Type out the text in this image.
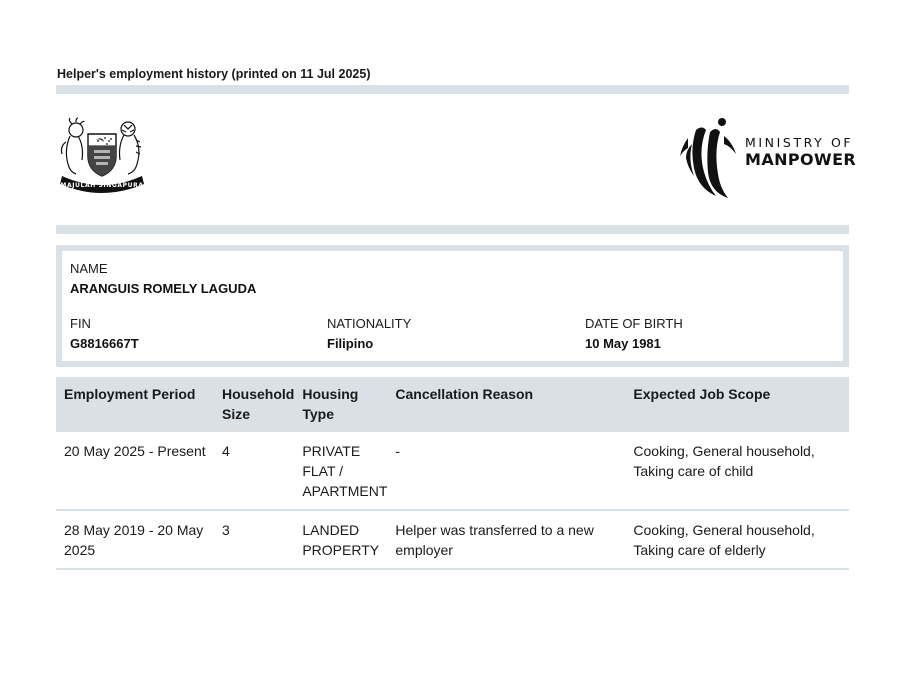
Helper's employment history (printed on 11 Jul 2025)
MAJULAH SINGAPURA
MINISTRY OF
MANPOWER
NAME
ARANGUIS ROMELY LAGUDA
FIN
G8816667T
NATIONALITY
Filipino
DATE OF BIRTH
10 May 1981
Employment Period	Household Size	Housing Type	Cancellation Reason	Expected Job Scope
20 May 2025 - Present	4	PRIVATE FLAT / APARTMENT	-	Cooking, General household, Taking care of child
28 May 2019 - 20 May 2025	3	LANDED PROPERTY	Helper was transferred to a new employer	Cooking, General household, Taking care of elderly
